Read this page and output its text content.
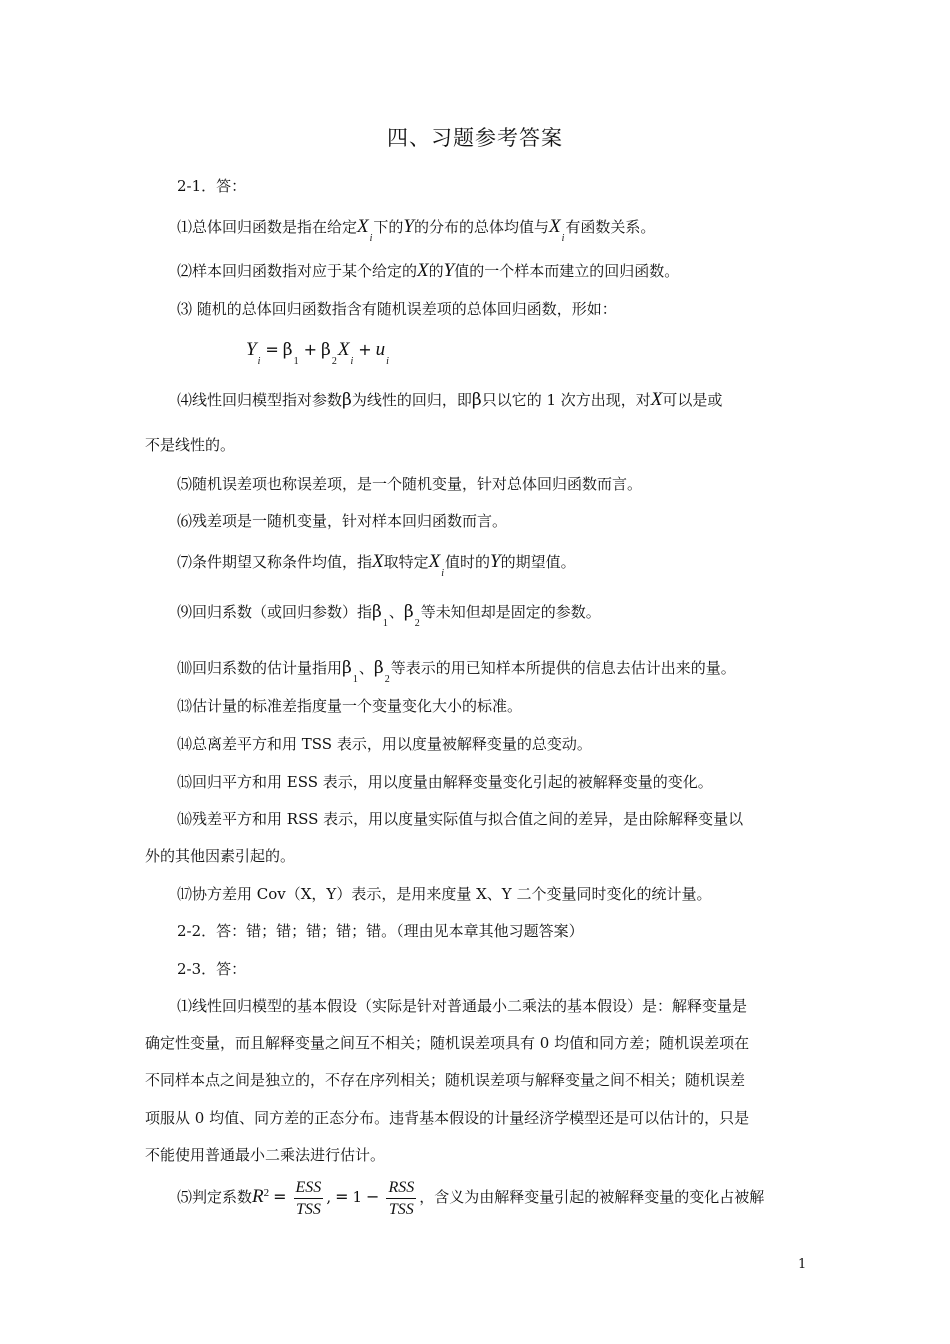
四、习题参考答案
2-1．答：
⑴总体回归函数是指在给定$X_i$下的Y的分布的总体均值与$X_i$有函数关系。
⑵样本回归函数指对应于某个给定的X的Y值的一个样本而建立的回归函数。
⑶ 随机的总体回归函数指含有随机误差项的总体回归函数，形如：
$Y_i= \beta_1+ \beta_2X_i+ u_i$
⑷线性回归模型指对参数β为线性的回归，即β只以它的 1 次方出现，对X可以是或
不是线性的。
⑸随机误差项也称误差项，是一个随机变量，针对总体回归函数而言。
⑹残差项是一随机变量，针对样本回归函数而言。
⑺条件期望又称条件均值，指X取特定$X_i$值时的Y的期望值。
⑼回归系数（或回归参数）指$\beta_1$、$\beta_2$等未知但却是固定的参数。
⑽回归系数的估计量指用$\beta_1$、$\beta_2$等表示的用已知样本所提供的信息去估计出来的量。
⒀估计量的标准差指度量一个变量变化大小的标准。
⒁总离差平方和用 TSS 表示，用以度量被解释变量的总变动。
⒂回归平方和用 ESS 表示，用以度量由解释变量变化引起的被解释变量的变化。
⒃残差平方和用 RSS 表示，用以度量实际值与拟合值之间的差异，是由除解释变量以
外的其他因素引起的。
⒄协方差用 Cov（X，Y）表示，是用来度量 X、Y 二个变量同时变化的统计量。
2-2．答：错；错；错；错；错。（理由见本章其他习题答案）
2-3．答：
⑴线性回归模型的基本假设（实际是针对普通最小二乘法的基本假设）是：解释变量是
确定性变量，而且解释变量之间互不相关；随机误差项具有 0 均值和同方差；随机误差项在
不同样本点之间是独立的，不存在序列相关；随机误差项与解释变量之间不相关；随机误差
项服从 0 均值、同方差的正态分布。违背基本假设的计量经济学模型还是可以估计的，只是
不能使用普通最小二乘法进行估计。
⑸判定系数$R^2 = \frac{\text{ESS}}{\text{TSS}}$ , = $1 - \frac{\text{RSS}}{\text{TSS}}$ ，含义为由解释变量引起的被解释变量的变化占被解
1
